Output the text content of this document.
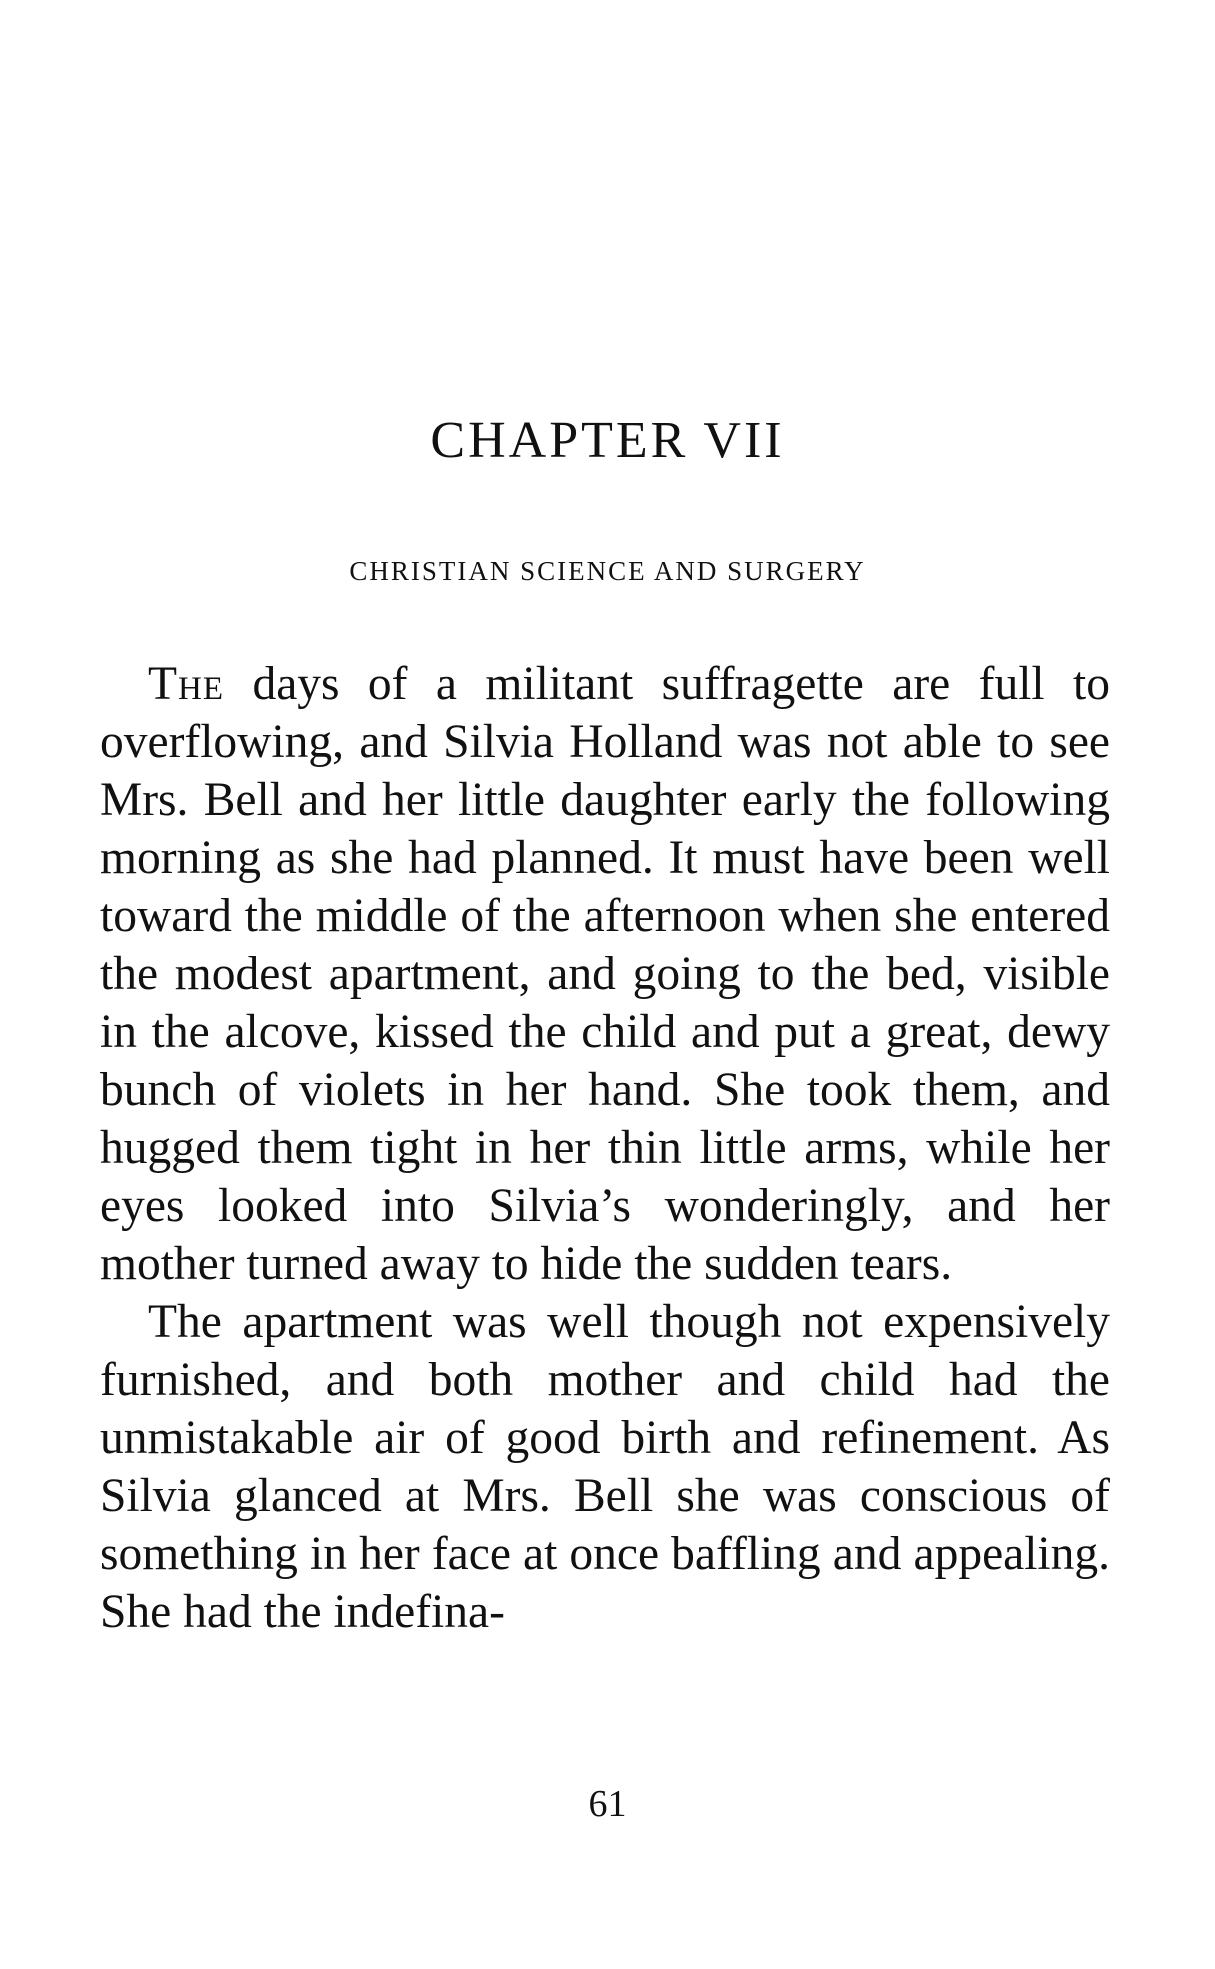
CHAPTER VII
CHRISTIAN SCIENCE AND SURGERY

The days of a militant suffragette are full to overflowing, and Silvia Holland was not able to see Mrs. Bell and her little daughter early the following morning as she had planned. It must have been well toward the middle of the afternoon when she entered the modest apartment, and going to the bed, visible in the alcove, kissed the child and put a great, dewy bunch of violets in her hand. She took them, and hugged them tight in her thin little arms, while her eyes looked into Silvia’s wonderingly, and her mother turned away to hide the sudden tears.

The apartment was well though not expensively furnished, and both mother and child had the unmistakable air of good birth and refinement. As Silvia glanced at Mrs. Bell she was conscious of something in her face at once baffling and appealing. She had the indefina-

61
